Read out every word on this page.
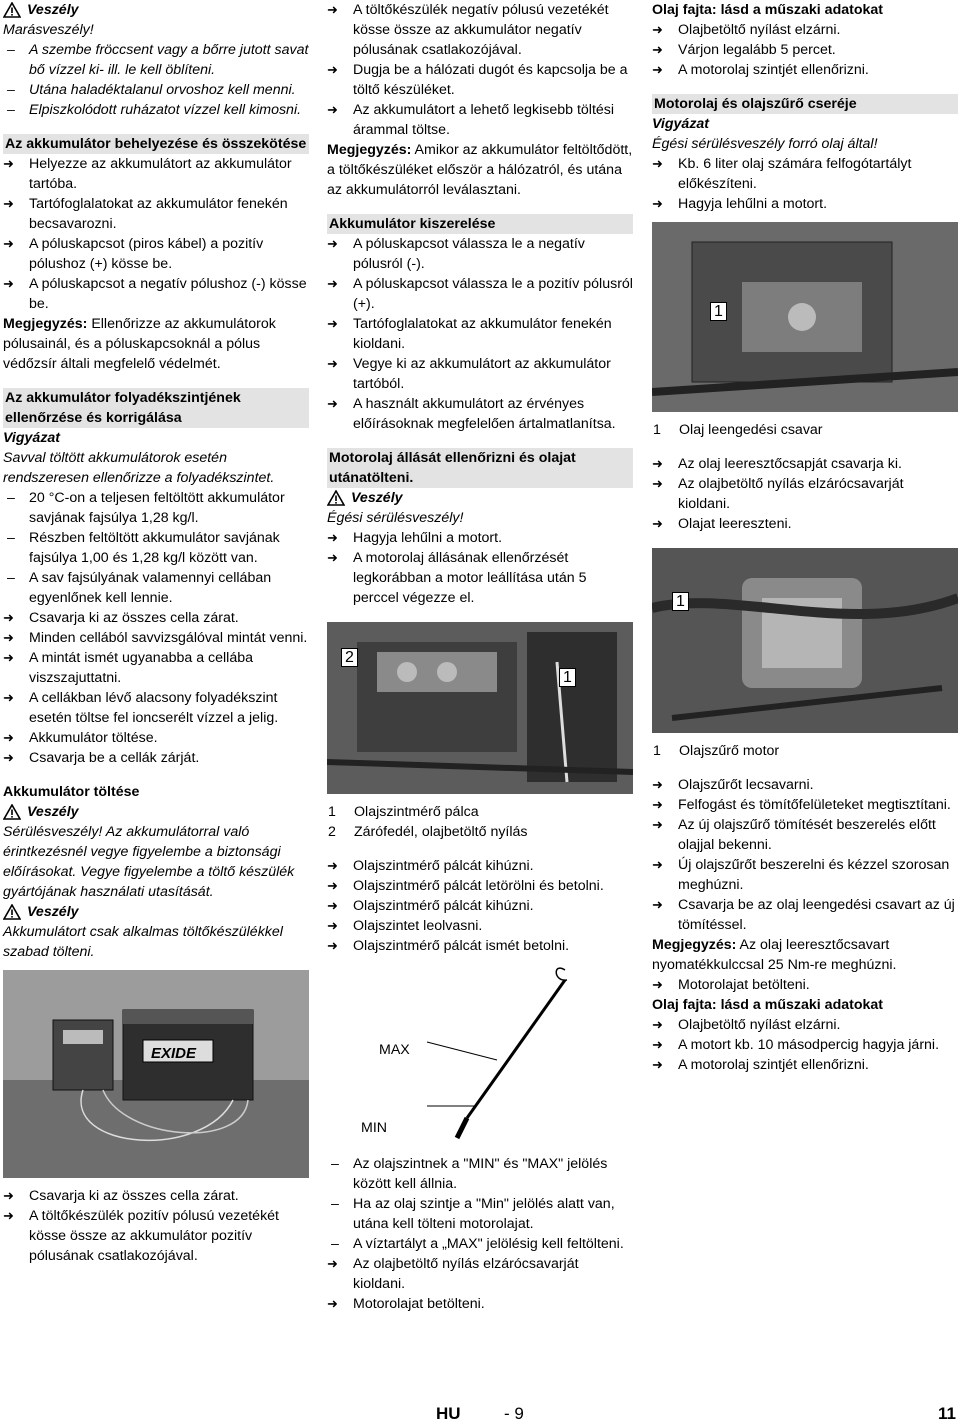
Veszély

Marásveszély!

– A szembe fröccsent vagy a bőrre jutott savat bő vízzel ki- ill. le kell öblíteni.
– Utána haladéktalanul orvoshoz kell menni.
– Elpiszkolódott ruházatot vízzel kell kimosni.
Az akkumulátor behelyezése és összekötése
➜	Helyezze az akkumulátort az akkumulátor tartóba.
➜	Tartófoglalatokat az akkumulátor fenekén becsavarozni.
➜	A póluskapcsot (piros kábel) a pozitív pólushoz (+) kösse be.
➜	A póluskapcsot a negatív pólushoz (-) kösse be.

Megjegyzés: Ellenőrizze az akkumulátorok pólusainál, és a póluskapcsoknál a pólus védőzsír általi megfelelő védelmét.

Az akkumulátor folyadékszintjének ellenőrzése és korrigálása

Vigyázat

Savval töltött akkumulátorok esetén rendszeresen ellenőrizze a folyadékszintet.

– 20 °C-on a teljesen feltöltött akkumulátor savjának fajsúlya 1,28 kg/l.
– Részben feltöltött akkumulátor savjának fajsúlya 1,00 és 1,28 kg/l között van.
– A sav fajsúlyának valamennyi cellában egyenlőnek kell lennie.
➜	Csavarja ki az összes cella zárat.
➜	Minden cellából savvizsgálóval mintát venni.
➜	A mintát ismét ugyanabba a cellába viszszajuttatni.
➜	A cellákban lévő alacsony folyadékszint esetén töltse fel ioncserélt vízzel a jelig.
➜	Akkumulátor töltése.
➜	Csavarja be a cellák zárját.

Akkumulátor töltése

Veszély

Sérülésveszély! Az akkumulátorral való érintkezésnél vegye figyelembe a biztonsági előírásokat. Vegye figyelembe a töltő készülék gyártójának használati utasítását.

Veszély

Akkumulátort csak alkalmas töltőkészülékkel szabad tölteni.

EXIDE
➜	Csavarja ki az összes cella zárat.
➜	A töltőkészülék pozitív pólusú vezetékét kösse össze az akkumulátor pozitív pólusának csatlakozójával.
➜	A töltőkészülék negatív pólusú vezetékét kösse össze az akkumulátor negatív pólusának csatlakozójával.
➜	Dugja be a hálózati dugót és kapcsolja be a töltő készüléket.
➜	Az akkumulátort a lehető legkisebb töltési árammal töltse.

Megjegyzés: Amikor az akkumulátor feltöltődött, a töltőkészüléket először a hálózatról, és utána az akkumulátorról leválasztani.

Akkumulátor kiszerelése
➜	A póluskapcsot válassza le a negatív pólusról (-).
➜	A póluskapcsot válassza le a pozitív pólusról (+).
➜	Tartófoglalatokat az akkumulátor fenekén kioldani.
➜	Vegye ki az akkumulátort az akkumulátor tartóból.
➜	A használt akkumulátort az érvényes előírásoknak megfelelően ártalmatlanítsa.
Motorolaj állását ellenőrizni és olajat utánatölteni.
Veszély

Égési sérülésveszély!

➜	Hagyja lehűlni a motort.
➜	A motorolaj állásának ellenőrzését legkorábban a motor leállítása után 5 perccel végezze el.
2
1
1	Olajszintmérő pálca
2	Zárófedél, olajbetöltő nyílás
➜	Olajszintmérő pálcát kihúzni.
➜	Olajszintmérő pálcát letörölni és betolni.
➜	Olajszintmérő pálcát kihúzni.
➜	Olajszintet leolvasni.
➜	Olajszintmérő pálcát ismét betolni.
MAX
MIN
– Az olajszintnek a "MIN" és "MAX" jelölés között kell állnia.
– Ha az olaj szintje a "Min" jelölés alatt van, utána kell tölteni motorolajat.
– A víztartályt a „MAX" jelölésig kell feltölteni.
➜	Az olajbetöltő nyílás elzárócsavarját kioldani.
➜	Motorolajat betölteni.

Olaj fajta: lásd a műszaki adatokat

➜	Olajbetöltő nyílást elzárni.
➜	Várjon legalább 5 percet.
➜	A motorolaj szintjét ellenőrizni.
Motorolaj és olajszűrő cseréje

Vigyázat

Égési sérülésveszély forró olaj által!

➜	Kb. 6 liter olaj számára felfogótartályt előkészíteni.
➜	Hagyja lehűlni a motort.
1
1	Olaj leengedési csavar
➜	Az olaj leeresztőcsapját csavarja ki.
➜	Az olajbetöltő nyílás elzárócsavarját kioldani.
➜	Olajat leereszteni.
1
1	Olajszűrő motor
➜	Olajszűrőt lecsavarni.
➜	Felfogást és tömítőfelületeket megtisztítani.
➜	Az új olajszűrő tömítését beszerelés előtt olajjal bekenni.
➜	Új olajszűrőt beszerelni és kézzel szorosan meghúzni.
➜	Csavarja be az olaj leengedési csavart az új tömítéssel.

Megjegyzés: Az olaj leeresztőcsavart nyomatékkulccsal 25 Nm-re meghúzni.

➜	Motorolajat betölteni.

Olaj fajta: lásd a műszaki adatokat

➜	Olajbetöltő nyílást elzárni.
➜	A motort kb. 10 másodpercig hagyja járni.
➜	A motorolaj szintjét ellenőrizni.
HU	- 9	11
